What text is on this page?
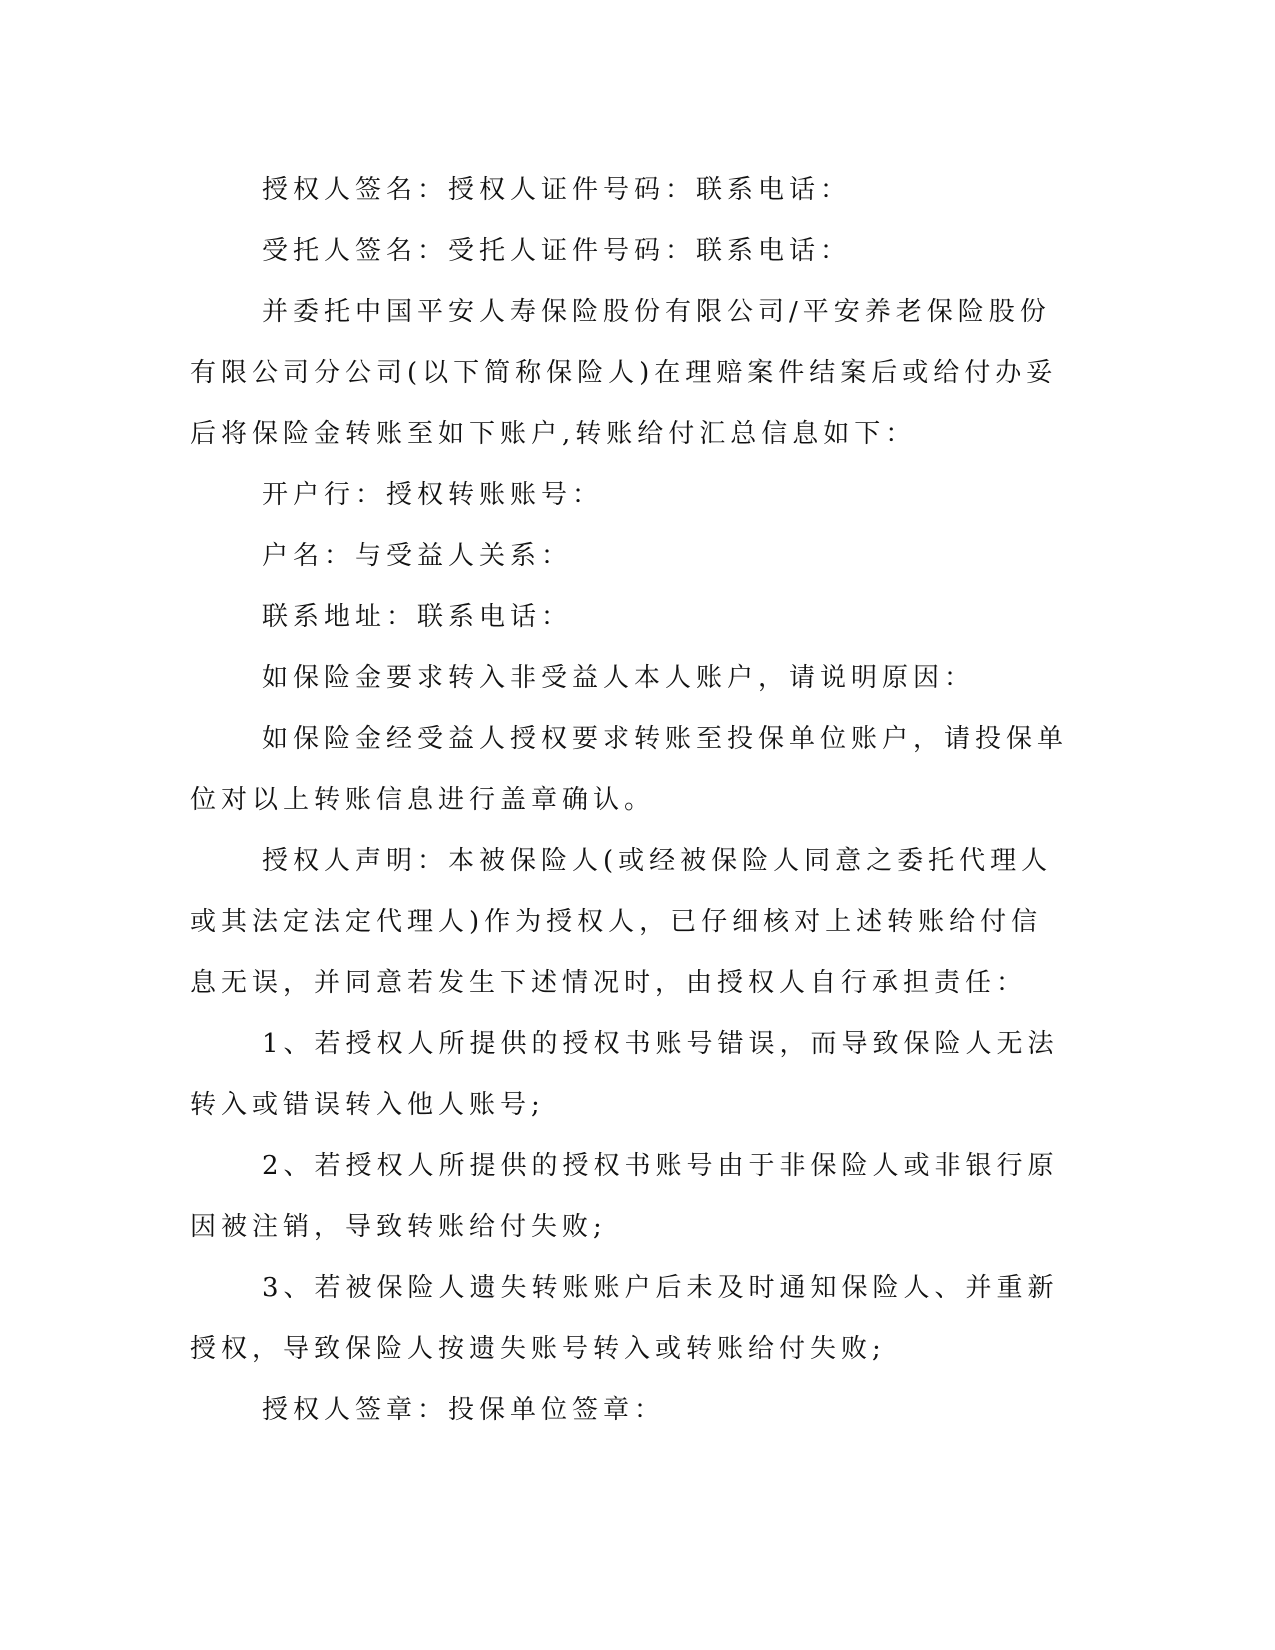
授权人签名：授权人证件号码：联系电话：

受托人签名：受托人证件号码：联系电话：

并委托中国平安人寿保险股份有限公司/平安养老保险股份有限公司分公司(以下简称保险人)在理赔案件结案后或给付办妥后将保险金转账至如下账户,转账给付汇总信息如下：

开户行：授权转账账号：

户名：与受益人关系：

联系地址：联系电话：

如保险金要求转入非受益人本人账户，请说明原因：

如保险金经受益人授权要求转账至投保单位账户，请投保单位对以上转账信息进行盖章确认。

授权人声明：本被保险人(或经被保险人同意之委托代理人或其法定法定代理人)作为授权人，已仔细核对上述转账给付信息无误，并同意若发生下述情况时，由授权人自行承担责任：

1、若授权人所提供的授权书账号错误，而导致保险人无法转入或错误转入他人账号;

2、若授权人所提供的授权书账号由于非保险人或非银行原因被注销，导致转账给付失败;

3、若被保险人遗失转账账户后未及时通知保险人、并重新授权，导致保险人按遗失账号转入或转账给付失败;

授权人签章：投保单位签章：
